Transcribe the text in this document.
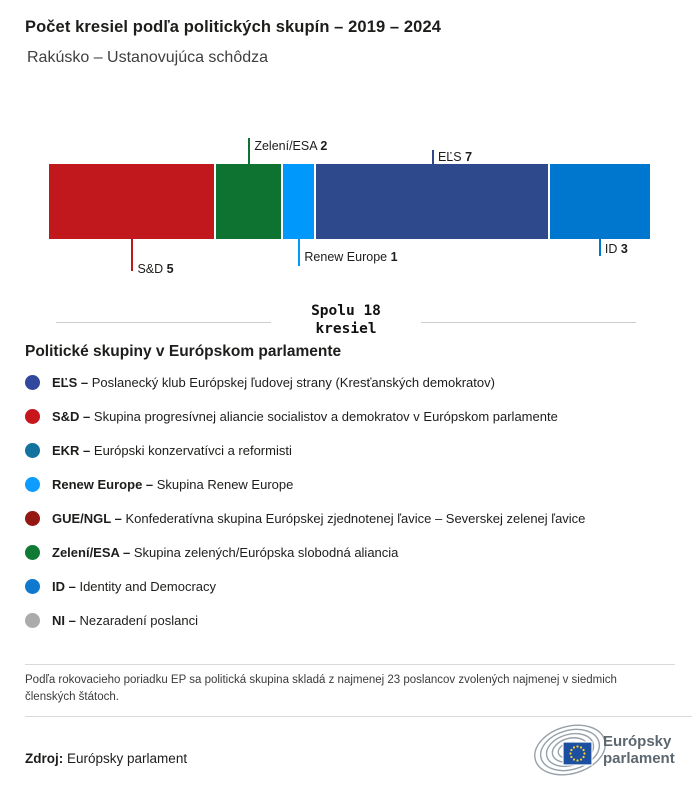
Počet kresiel podľa politických skupín – 2019 – 2024
Rakúsko – Ustanovujúca schôdza
S&D 5
Zelení/ESA 2
Renew Europe 1
EĽS 7
ID 3
Spolu 18 kresiel
Politické skupiny v Európskom parlamente
EĽS – Poslanecký klub Európskej ľudovej strany (Kresťanských demokratov)
S&D – Skupina progresívnej aliancie socialistov a demokratov v Európskom parlamente
EKR – Európski konzervatívci a reformisti
Renew Europe – Skupina Renew Europe
GUE/NGL – Konfederatívna skupina Európskej zjednotenej ľavice – Severskej zelenej ľavice
Zelení/ESA – Skupina zelených/Európska slobodná aliancia
ID – Identity and Democracy
NI – Nezaradení poslanci
Podľa rokovacieho poriadku EP sa politická skupina skladá z najmenej 23 poslancov zvolených najmenej v siedmich členských štátoch.
Zdroj: Európsky parlament
Európsky parlament
